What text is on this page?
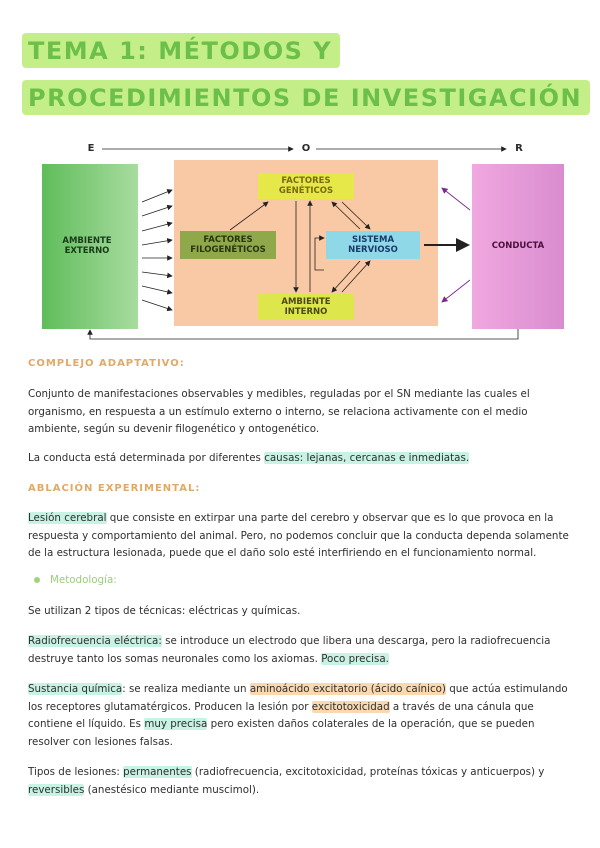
TEMA 1: MÉTODOS Y
PROCEDIMIENTOS DE INVESTIGACIÓN
E	O	R
AMBIENTE EXTERNO
FACTORES GENÉTICOS
FACTORES FILOGENÉTICOS
SISTEMA NERVIOSO
AMBIENTE INTERNO
CONDUCTA
COMPLEJO ADAPTATIVO:
Conjunto de manifestaciones observables y medibles, reguladas por el SN mediante las cuales el organismo, en respuesta a un estímulo externo o interno, se relaciona activamente con el medio ambiente, según su devenir filogenético y ontogenético.
La conducta está determinada por diferentes causas: lejanas, cercanas e inmediatas.
ABLACIÓN EXPERIMENTAL:
Lesión cerebral que consiste en extirpar una parte del cerebro y observar que es lo que provoca en la respuesta y comportamiento del animal. Pero, no podemos concluir que la conducta dependa solamente de la estructura lesionada, puede que el daño solo esté interfiriendo en el funcionamiento normal.
Metodología:
Se utilizan 2 tipos de técnicas: eléctricas y químicas.
Radiofrecuencia eléctrica: se introduce un electrodo que libera una descarga, pero la radiofrecuencia destruye tanto los somas neuronales como los axiomas. Poco precisa.
Sustancia química: se realiza mediante un aminoácido excitatorio (ácido caínico) que actúa estimulando los receptores glutamatérgicos. Producen la lesión por excitotoxicidad a través de una cánula que contiene el líquido. Es muy precisa pero existen daños colaterales de la operación, que se pueden resolver con lesiones falsas.
Tipos de lesiones: permanentes (radiofrecuencia, excitotoxicidad, proteínas tóxicas y anticuerpos) y reversibles (anestésico mediante muscimol).
